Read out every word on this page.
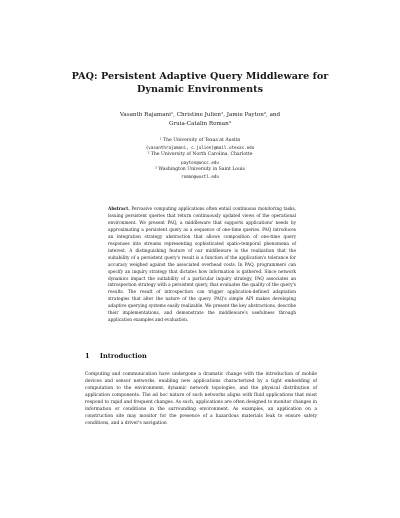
PAQ: Persistent Adaptive Query Middleware for
Dynamic Environments
Vasanth Rajamani¹, Christine Julien¹, Jamie Payton², and
Gruia-Catalin Roman³
¹ The University of Texas at Austin
{vasanthrajamani, c.julien}@mail.utexas.edu
² The University of North Carolina, Charlotte
payton@uncc.edu
³ Washington University in Saint Louis
roman@wustl.edu
Abstract. Pervasive computing applications often entail continuous monitoring tasks, issuing persistent queries that return continuously updated views of the operational environment. We present PAQ, a middleware that supports applications' needs by approximating a persistent query as a sequence of one-time queries. PAQ introduces an integration strategy abstraction that allows composition of one-time query responses into streams representing sophisticated spatio-temporal phenomena of interest. A distinguishing feature of our middleware is the realization that the suitability of a persistent query's result is a function of the application's tolerance for accuracy weighed against the associated overhead costs. In PAQ, programmers can specify an inquiry strategy that dictates how information is gathered. Since network dynamics impact the suitability of a particular inquiry strategy, PAQ associates an introspection strategy with a persistent query, that evaluates the quality of the query's results. The result of introspection can trigger application-defined adaptation strategies that alter the nature of the query. PAQ's simple API makes developing adaptive querying systems easily realizable. We present the key abstractions, describe their implementations, and demonstrate the middleware's usefulness through application examples and evaluation.
1 Introduction
Computing and communication have undergone a dramatic change with the introduction of mobile devices and sensor networks, enabling new applications characterized by a tight embedding of computation to the environment, dynamic network topologies, and the physical distribution of application components. The ad hoc nature of such networks aligns with fluid applications that must respond to rapid and frequent changes. As such, applications are often designed to monitor changes in information or conditions in the surrounding environment. As examples, an application on a construction site may monitor for the presence of a hazardous materials leak to ensure safety conditions, and a driver's navigation
